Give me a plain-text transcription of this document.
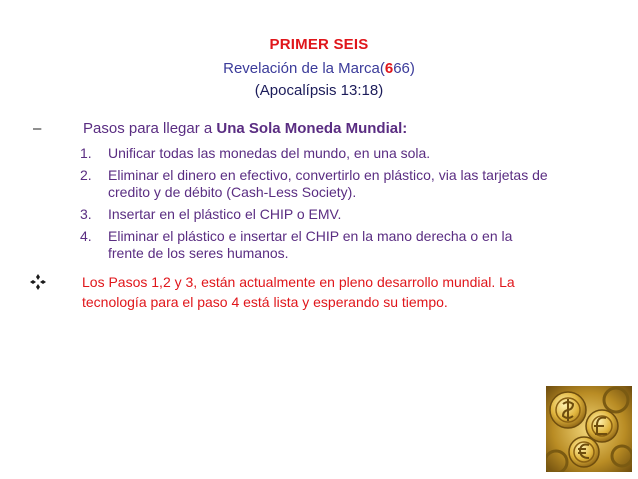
PRIMER SEIS
Revelación de la Marca(666)
(Apocalípsis 13:18)
–	Pasos para llegar a Una Sola Moneda Mundial:
1. Unificar todas las monedas del mundo, en una sola.
2. Eliminar el dinero en efectivo, convertirlo en plástico, via las tarjetas de credito y de débito (Cash-Less Society).
3. Insertar en el plástico el CHIP o EMV.
4. Eliminar el plástico e insertar el CHIP en la mano derecha o en la frente de los seres humanos.
Los Pasos 1,2 y 3, están actualmente en pleno desarrollo mundial. La tecnología para el paso 4 está lista y esperando su tiempo.
